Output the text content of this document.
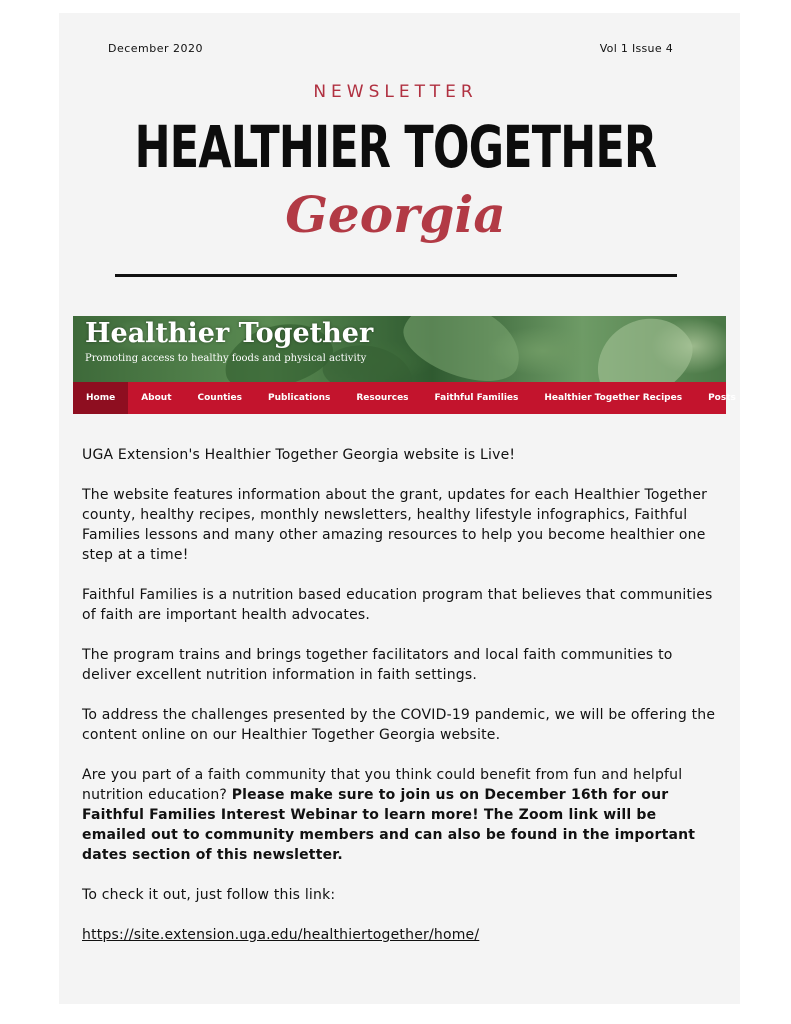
December 2020	Vol 1 Issue 4
NEWSLETTER
HEALTHIER TOGETHER
Georgia
Healthier Together
Promoting access to healthy foods and physical activity
Home	About	Counties	Publications	Resources	Faithful Families	Healthier Together Recipes	Posts

UGA Extension's Healthier Together Georgia website is Live!

The website features information about the grant, updates for each Healthier Together county, healthy recipes, monthly newsletters, healthy lifestyle infographics, Faithful Families lessons and many other amazing resources to help you become healthier one step at a time!

Faithful Families is a nutrition based education program that believes that communities of faith are important health advocates.

The program trains and brings together facilitators and local faith communities to deliver excellent nutrition information in faith settings.

To address the challenges presented by the COVID-19 pandemic, we will be offering the content online on our Healthier Together Georgia website.

Are you part of a faith community that you think could benefit from fun and helpful nutrition education? Please make sure to join us on December 16th for our Faithful Families Interest Webinar to learn more! The Zoom link will be emailed out to community members and can also be found in the important dates section of this newsletter.

To check it out, just follow this link:

https://site.extension.uga.edu/healthiertogether/home/
